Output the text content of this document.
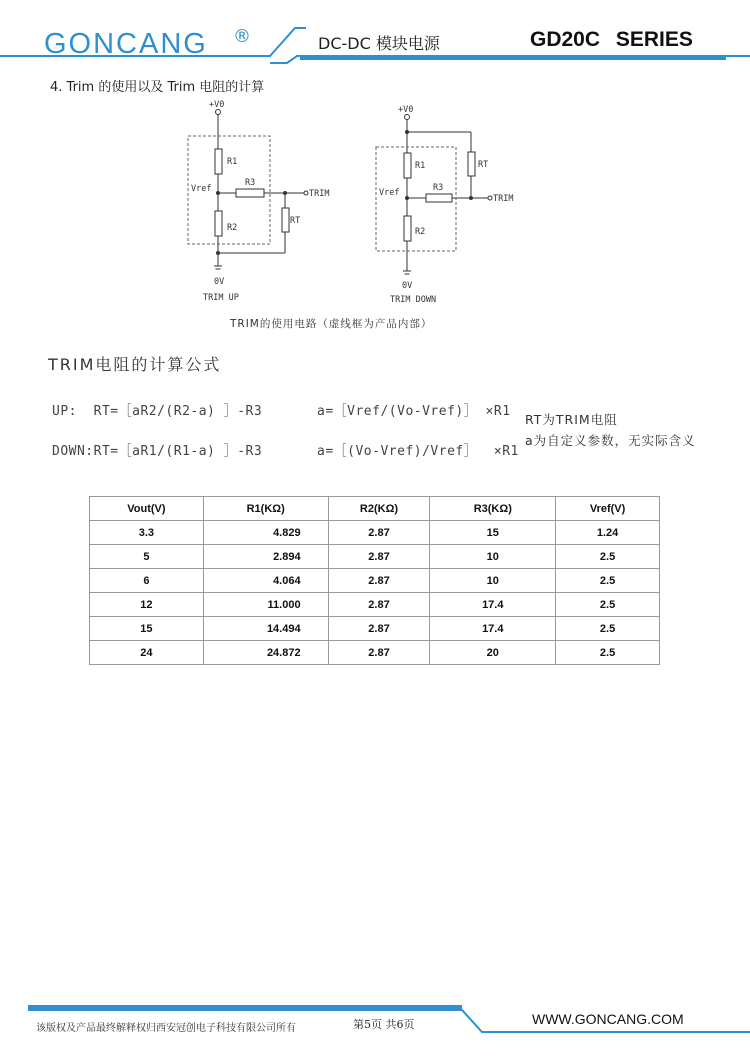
GONCANG ®	DC-DC 模块电源	GD20C SERIES
4. Trim 的使用以及 Trim 电阻的计算
+V0
R1
Vref
R3
TRIM
RT
R2
0V
TRIM UP
+V0
R1	RT
Vref	R3
TRIM
R2
0V
TRIM DOWN
TRIM的使用电路（虚线框为产品内部）
TRIM电阻的计算公式
UP:  RT=［aR2/(R2-a) ］-R3	a=［Vref/(Vo-Vref)］ ×R1
DOWN:RT=［aR1/(R1-a) ］-R3	a=［(Vo-Vref)/Vref］  ×R1
RT为TRIM电阻
a为自定义参数，无实际含义
Vout(V)	R1(KΩ)	R2(KΩ)	R3(KΩ)	Vref(V)
3.3	4.829	2.87	15	1.24
5	2.894	2.87	10	2.5
6	4.064	2.87	10	2.5
12	11.000	2.87	17.4	2.5
15	14.494	2.87	17.4	2.5
24	24.872	2.87	20	2.5
该版权及产品最终解释权归西安冠创电子科技有限公司所有	第5页 共6页	WWW.GONCANG.COM
